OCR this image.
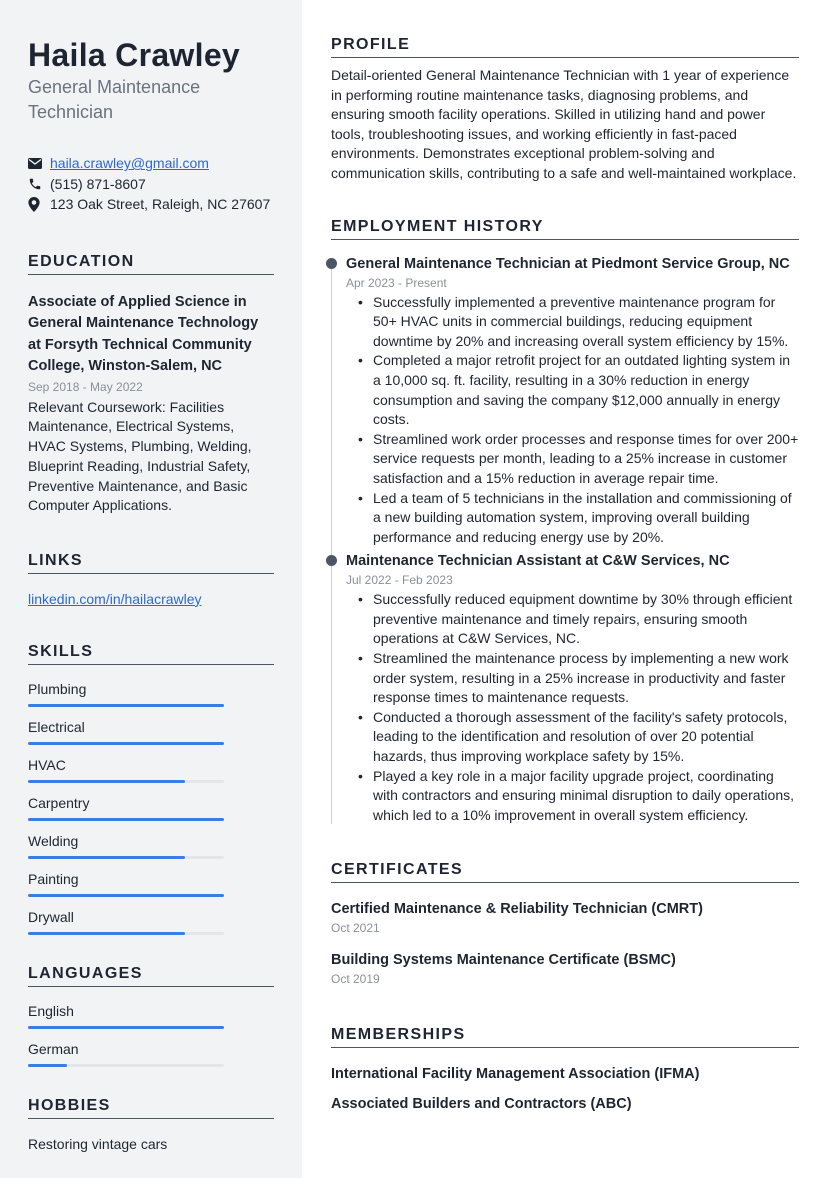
Haila Crawley
General Maintenance Technician
haila.crawley@gmail.com
(515) 871-8607
123 Oak Street, Raleigh, NC 27607
EDUCATION
Associate of Applied Science in General Maintenance Technology at Forsyth Technical Community College, Winston-Salem, NC
Sep 2018 - May 2022
Relevant Coursework: Facilities Maintenance, Electrical Systems, HVAC Systems, Plumbing, Welding, Blueprint Reading, Industrial Safety, Preventive Maintenance, and Basic Computer Applications.
LINKS
linkedin.com/in/hailacrawley
SKILLS
Plumbing
Electrical
HVAC
Carpentry
Welding
Painting
Drywall
LANGUAGES
English
German
HOBBIES
Restoring vintage cars
PROFILE

Detail-oriented General Maintenance Technician with 1 year of experience in performing routine maintenance tasks, diagnosing problems, and ensuring smooth facility operations. Skilled in utilizing hand and power tools, troubleshooting issues, and working efficiently in fast-paced environments. Demonstrates exceptional problem-solving and communication skills, contributing to a safe and well-maintained workplace.

EMPLOYMENT HISTORY
General Maintenance Technician at Piedmont Service Group, NC
Apr 2023 - Present
• Successfully implemented a preventive maintenance program for 50+ HVAC units in commercial buildings, reducing equipment downtime by 20% and increasing overall system efficiency by 15%.
• Completed a major retrofit project for an outdated lighting system in a 10,000 sq. ft. facility, resulting in a 30% reduction in energy consumption and saving the company $12,000 annually in energy costs.
• Streamlined work order processes and response times for over 200+ service requests per month, leading to a 25% increase in customer satisfaction and a 15% reduction in average repair time.
• Led a team of 5 technicians in the installation and commissioning of a new building automation system, improving overall building performance and reducing energy use by 20%.
Maintenance Technician Assistant at C&W Services, NC
Jul 2022 - Feb 2023
• Successfully reduced equipment downtime by 30% through efficient preventive maintenance and timely repairs, ensuring smooth operations at C&W Services, NC.
• Streamlined the maintenance process by implementing a new work order system, resulting in a 25% increase in productivity and faster response times to maintenance requests.
• Conducted a thorough assessment of the facility's safety protocols, leading to the identification and resolution of over 20 potential hazards, thus improving workplace safety by 15%.
• Played a key role in a major facility upgrade project, coordinating with contractors and ensuring minimal disruption to daily operations, which led to a 10% improvement in overall system efficiency.
CERTIFICATES
Certified Maintenance & Reliability Technician (CMRT)
Oct 2021
Building Systems Maintenance Certificate (BSMC)
Oct 2019
MEMBERSHIPS
International Facility Management Association (IFMA)
Associated Builders and Contractors (ABC)
